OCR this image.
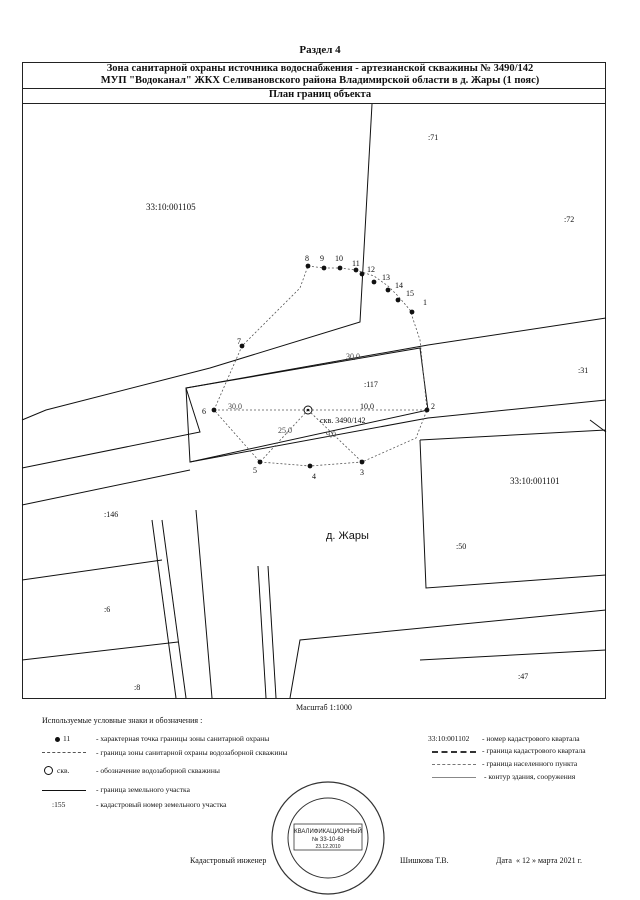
Раздел 4
Зона санитарной охраны источника водоснабжения - артезианской скважины № 3490/142
МУП "Водоканал" ЖКХ Селивановского района Владимирской области в д. Жары (1 пояс)
План границ объекта
:71
33:10:001105
:72
:117
:31
33:10:001101
:146
:50
:6
:8
:47
д. Жары
скв. 3490/142
1
2
3
4
5
6
7
8 9 10
11
12
13
14
15
30,0
10,0
25,0	9,0
30,0
Масштаб 1:1000
Используемые условные знаки и обозначения :
11	- характерная точка границы зоны санитарной охраны
- граница зоны санитарной охраны водозаборной скважины
скв.	- обозначение водозаборной скважины
- граница земельного участка
:155	- кадастровый номер земельного участка
33:10:001102 - номер кадастрового квартала
- граница кадастрового квартала
- граница населенного пункта
- контур здания, сооружения
КВАЛИФИКАЦИОННЫЙ
№ 33-10-68
23.12.2010
Кадастровый инженер	Шишкова Т.В.	Дата « 12 » марта 2021 г.
